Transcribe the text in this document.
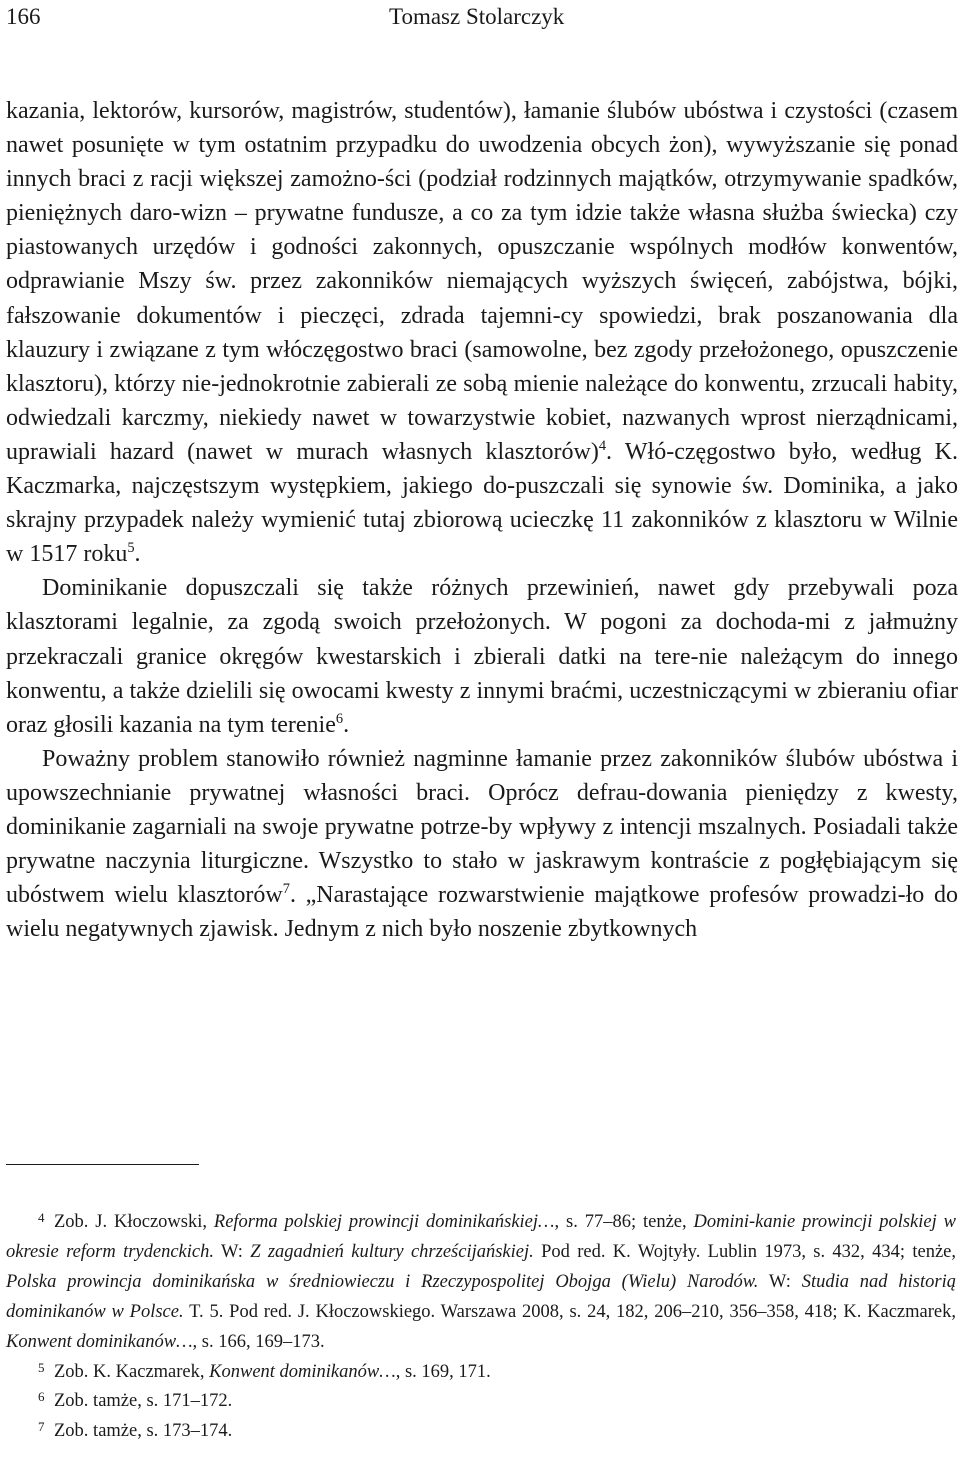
166	Tomasz Stolarczyk

kazania, lektorów, kursorów, magistrów, studentów), łamanie ślubów ubóstwa i czystości (czasem nawet posunięte w tym ostatnim przypadku do uwodzenia obcych żon), wywyższanie się ponad innych braci z racji większej zamożno-ści (podział rodzinnych majątków, otrzymywanie spadków, pieniężnych daro-wizn – prywatne fundusze, a co za tym idzie także własna służba świecka) czy piastowanych urzędów i godności zakonnych, opuszczanie wspólnych modłów konwentów, odprawianie Mszy św. przez zakonników niemających wyższych święceń, zabójstwa, bójki, fałszowanie dokumentów i pieczęci, zdrada tajemni-cy spowiedzi, brak poszanowania dla klauzury i związane z tym włóczęgostwo braci (samowolne, bez zgody przełożonego, opuszczenie klasztoru), którzy nie-jednokrotnie zabierali ze sobą mienie należące do konwentu, zrzucali habity, odwiedzali karczmy, niekiedy nawet w towarzystwie kobiet, nazwanych wprost nierządnicami, uprawiali hazard (nawet w murach własnych klasztorów)$^4$. Włó-częgostwo było, według K. Kaczmarka, najczęstszym występkiem, jakiego do-puszczali się synowie św. Dominika, a jako skrajny przypadek należy wymienić tutaj zbiorową ucieczkę 11 zakonników z klasztoru w Wilnie w 1517 roku$^5$.

Dominikanie dopuszczali się także różnych przewinień, nawet gdy przebywali poza klasztorami legalnie, za zgodą swoich przełożonych. W pogoni za dochoda-mi z jałmużny przekraczali granice okręgów kwestarskich i zbierali datki na tere-nie należącym do innego konwentu, a także dzielili się owocami kwesty z innymi braćmi, uczestniczącymi w zbieraniu ofiar oraz głosili kazania na tym terenie$^6$.

Poważny problem stanowiło również nagminne łamanie przez zakonników ślubów ubóstwa i upowszechnianie prywatnej własności braci. Oprócz defrau-dowania pieniędzy z kwesty, dominikanie zagarniali na swoje prywatne potrze-by wpływy z intencji mszalnych. Posiadali także prywatne naczynia liturgiczne. Wszystko to stało w jaskrawym kontraście z pogłębiającym się ubóstwem wielu klasztorów$^7$. „Narastające rozwarstwienie majątkowe profesów prowadzi-ło do wielu negatywnych zjawisk. Jednym z nich było noszenie zbytkownych

4 Zob. J. Kłoczowski, Reforma polskiej prowincji dominikańskiej…, s. 77–86; tenże, Domini-kanie prowincji polskiej w okresie reform trydenckich. W: Z zagadnień kultury chrześcijańskiej. Pod red. K. Wojtyły. Lublin 1973, s. 432, 434; tenże, Polska prowincja dominikańska w średniowieczu i Rzeczypospolitej Obojga (Wielu) Narodów. W: Studia nad historią dominikanów w Polsce. T. 5. Pod red. J. Kłoczowskiego. Warszawa 2008, s. 24, 182, 206–210, 356–358, 418; K. Kaczmarek, Konwent dominikanów…, s. 166, 169–173.

5 Zob. K. Kaczmarek, Konwent dominikanów…, s. 169, 171.

6 Zob. tamże, s. 171–172.

7 Zob. tamże, s. 173–174.
